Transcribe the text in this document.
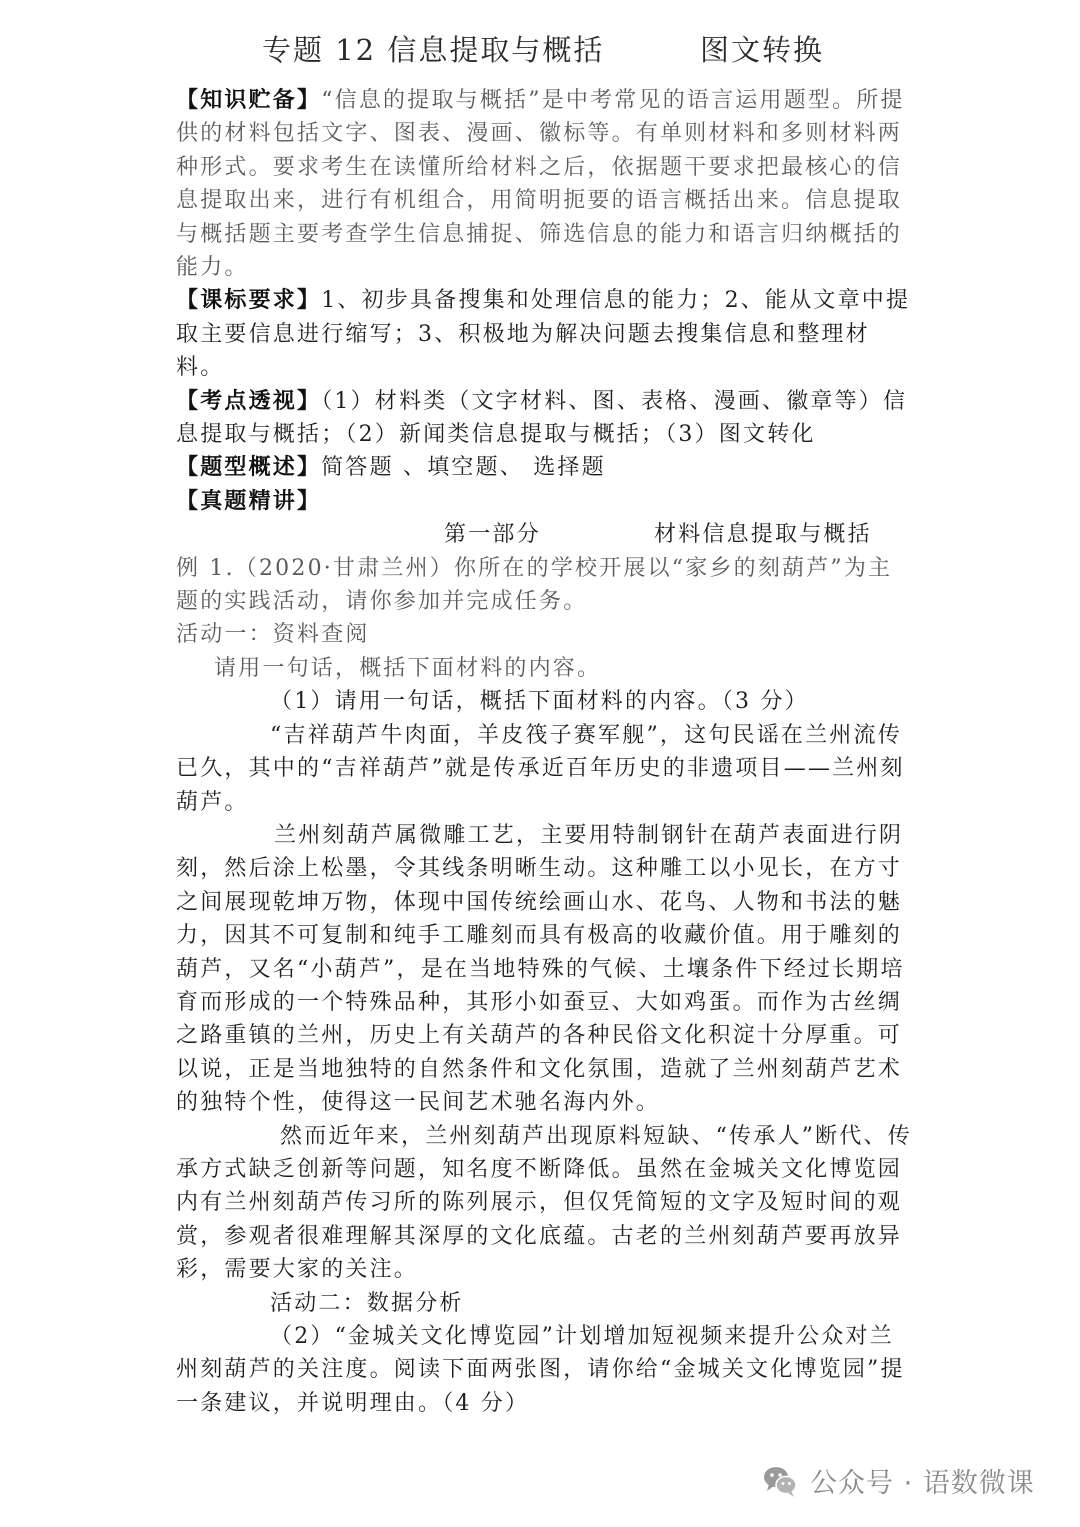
专题 12 信息提取与概括	图文转换

【知识贮备】“信息的提取与概括”是中考常见的语言运用题型。所提供的材料包括文字、图表、漫画、徽标等。有单则材料和多则材料两种形式。要求考生在读懂所给材料之后，依据题干要求把最核心的信息提取出来，进行有机组合，用简明扼要的语言概括出来。信息提取与概括题主要考查学生信息捕捉、筛选信息的能力和语言归纳概括的能力。

【课标要求】1、初步具备搜集和处理信息的能力；2、能从文章中提取主要信息进行缩写；3、积极地为解决问题去搜集信息和整理材料。

【考点透视】（1）材料类（文字材料、图、表格、漫画、徽章等）信息提取与概括；（2）新闻类信息提取与概括；（3）图文转化

【题型概述】简答题 、填空题、 选择题

【真题精讲】

第一部分	材料信息提取与概括

例 1.（2020·甘肃兰州）你所在的学校开展以“家乡的刻葫芦”为主题的实践活动，请你参加并完成任务。

活动一：资料查阅

请用一句话，概括下面材料的内容。

（1）请用一句话，概括下面材料的内容。（3 分）

“吉祥葫芦牛肉面，羊皮筏子赛军舰”，这句民谣在兰州流传已久，其中的“吉祥葫芦”就是传承近百年历史的非遗项目——兰州刻葫芦。

兰州刻葫芦属微雕工艺，主要用特制钢针在葫芦表面进行阴刻，然后涂上松墨，令其线条明晰生动。这种雕工以小见长，在方寸之间展现乾坤万物，体现中国传统绘画山水、花鸟、人物和书法的魅力，因其不可复制和纯手工雕刻而具有极高的收藏价值。用于雕刻的葫芦，又名“小葫芦”，是在当地特殊的气候、土壤条件下经过长期培育而形成的一个特殊品种，其形小如蚕豆、大如鸡蛋。而作为古丝绸之路重镇的兰州，历史上有关葫芦的各种民俗文化积淀十分厚重。可以说，正是当地独特的自然条件和文化氛围，造就了兰州刻葫芦艺术的独特个性，使得这一民间艺术驰名海内外。

然而近年来，兰州刻葫芦出现原料短缺、“传承人”断代、传承方式缺乏创新等问题，知名度不断降低。虽然在金城关文化博览园内有兰州刻葫芦传习所的陈列展示，但仅凭简短的文字及短时间的观赏，参观者很难理解其深厚的文化底蕴。古老的兰州刻葫芦要再放异彩，需要大家的关注。

活动二：数据分析

（2）“金城关文化博览园”计划增加短视频来提升公众对兰州刻葫芦的关注度。阅读下面两张图，请你给“金城关文化博览园”提一条建议，并说明理由。（4 分）

公众号 · 语数微课
